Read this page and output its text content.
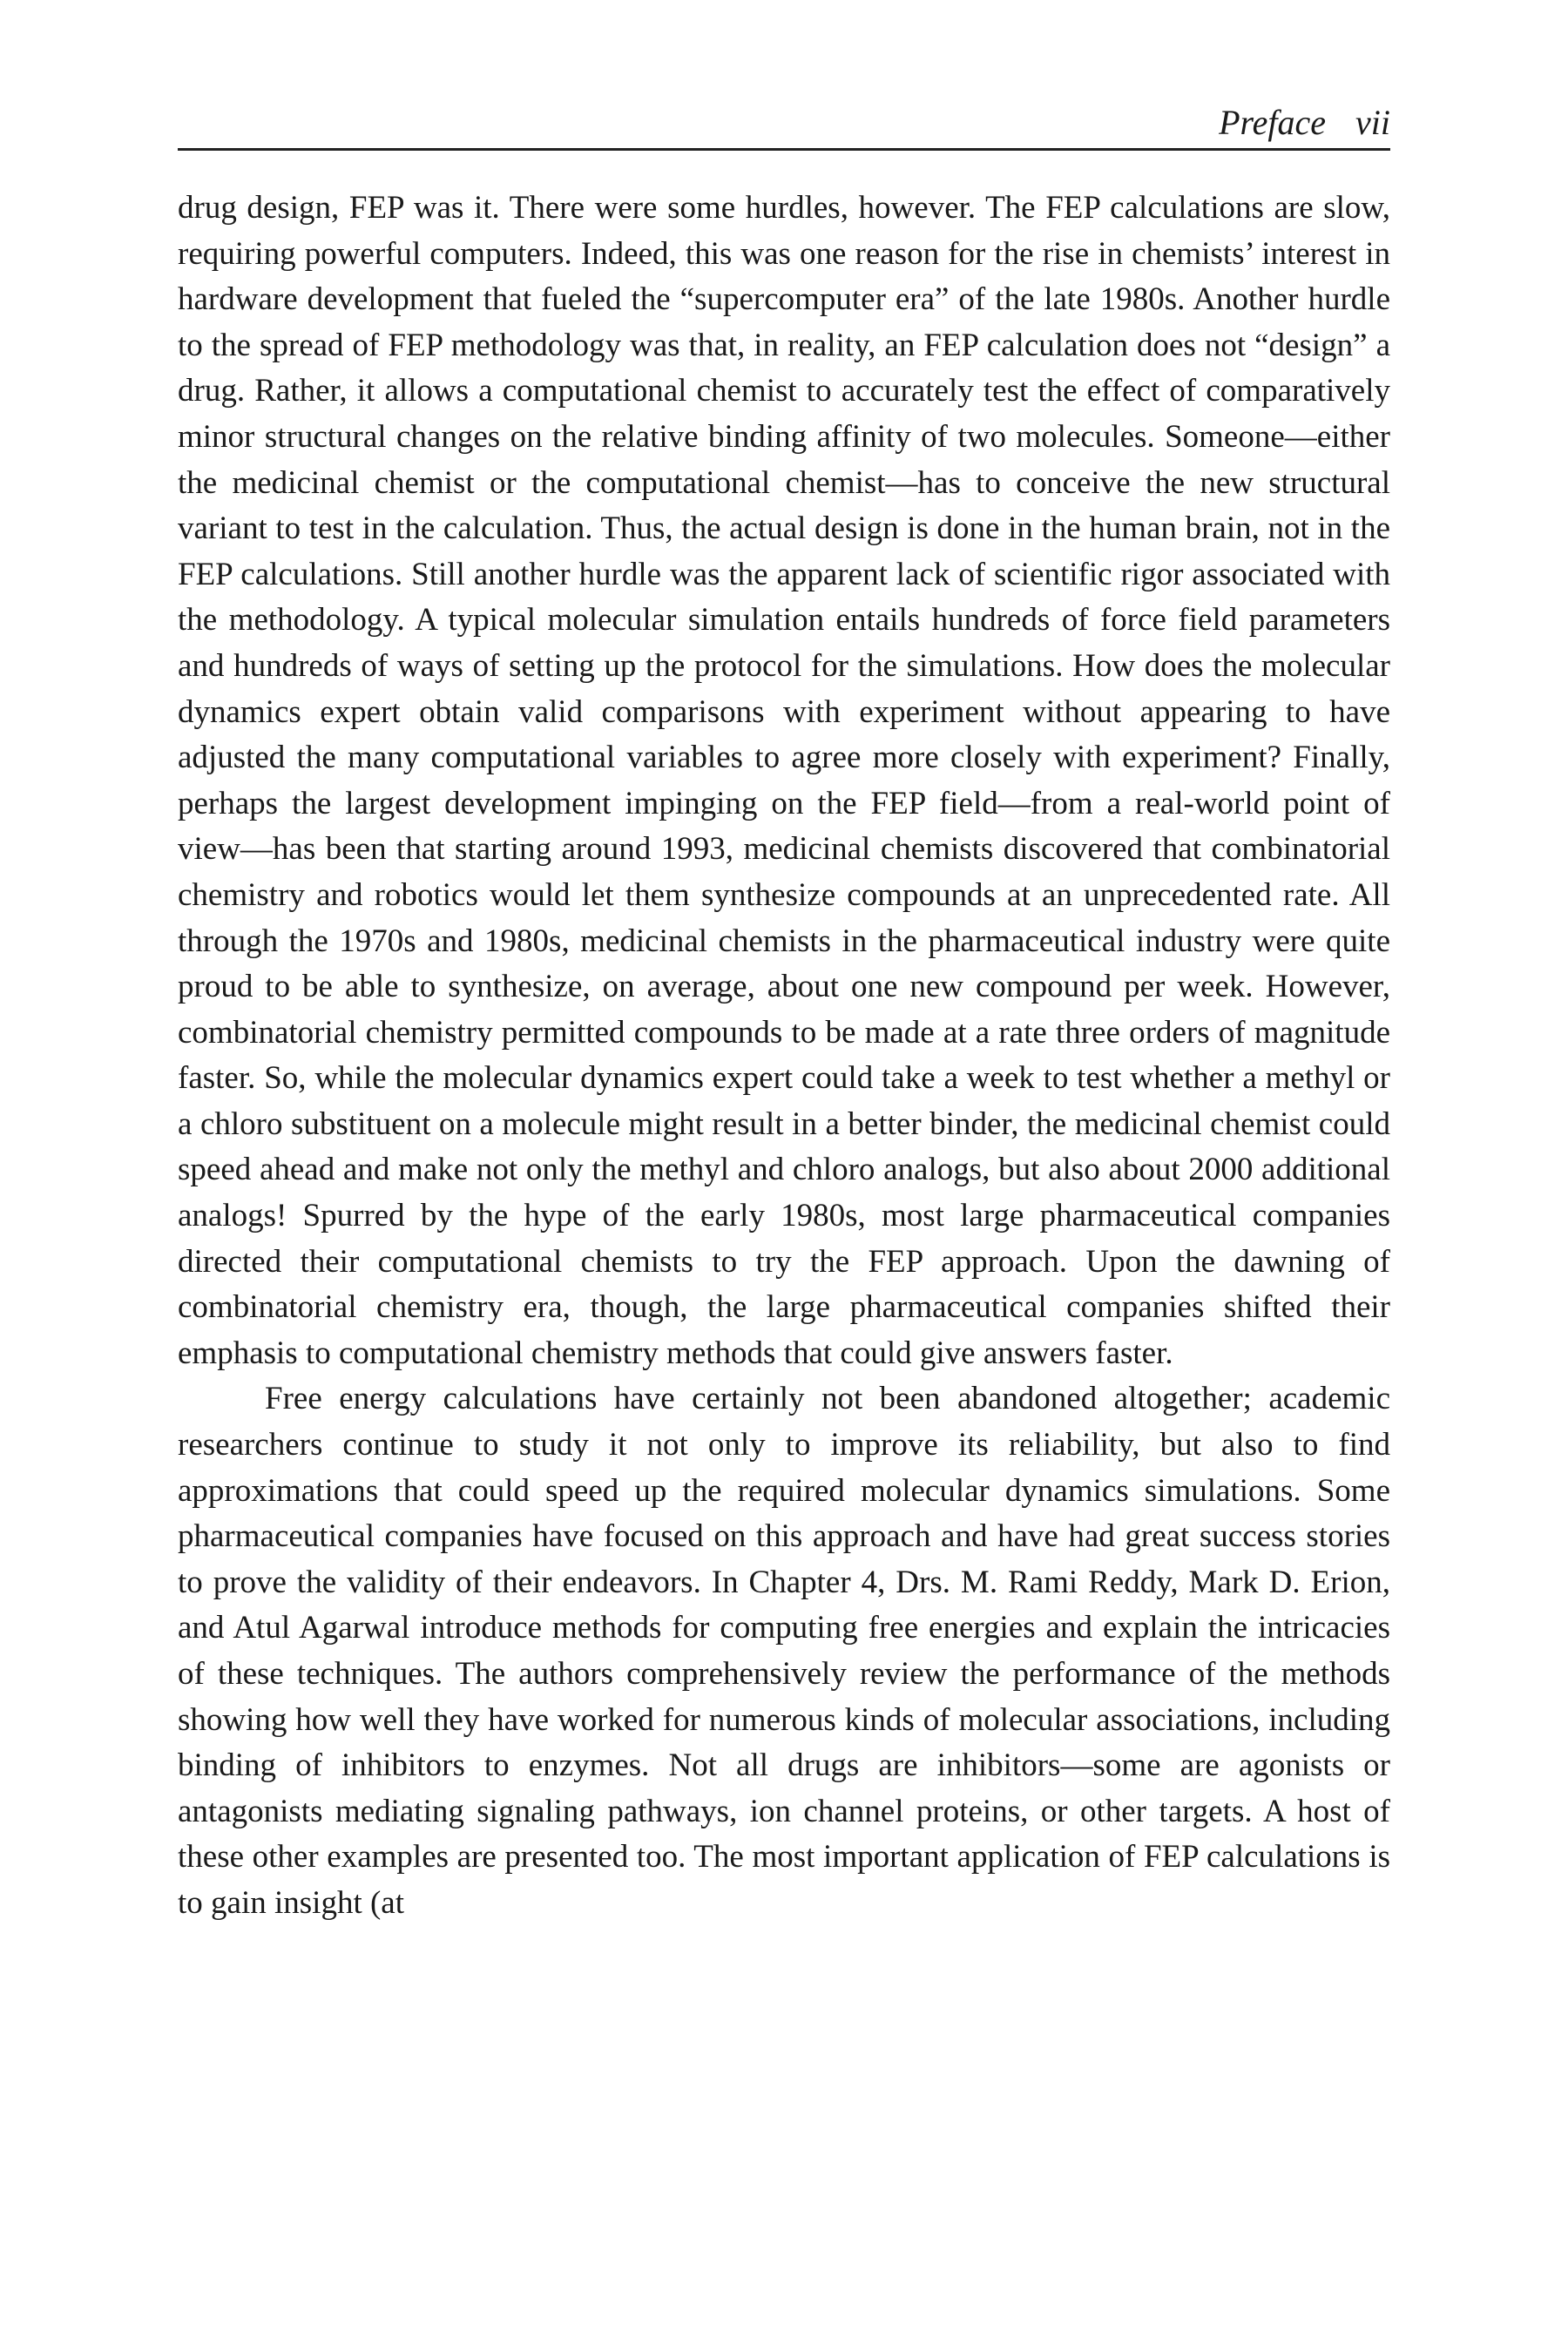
Preface vii

drug design, FEP was it. There were some hurdles, however. The FEP calculations are slow, requiring powerful computers. Indeed, this was one reason for the rise in chemists’ interest in hardware development that fueled the “supercomputer era” of the late 1980s. Another hurdle to the spread of FEP methodology was that, in reality, an FEP calculation does not “design” a drug. Rather, it allows a computational chemist to accurately test the effect of comparatively minor structural changes on the relative binding affinity of two molecules. Someone—either the medicinal chemist or the computational chemist—has to conceive the new structural variant to test in the calculation. Thus, the actual design is done in the human brain, not in the FEP calculations. Still another hurdle was the apparent lack of scientific rigor associated with the methodology. A typical molecular simulation entails hundreds of force field parameters and hundreds of ways of setting up the protocol for the simulations. How does the molecular dynamics expert obtain valid comparisons with experiment without appearing to have adjusted the many computational variables to agree more closely with experiment? Finally, perhaps the largest development impinging on the FEP field—from a real-world point of view—has been that starting around 1993, medicinal chemists discovered that combinatorial chemistry and robotics would let them synthesize compounds at an unprecedented rate. All through the 1970s and 1980s, medicinal chemists in the pharmaceutical industry were quite proud to be able to synthesize, on average, about one new compound per week. However, combinatorial chemistry permitted compounds to be made at a rate three orders of magnitude faster. So, while the molecular dynamics expert could take a week to test whether a methyl or a chloro substituent on a molecule might result in a better binder, the medicinal chemist could speed ahead and make not only the methyl and chloro analogs, but also about 2000 additional analogs! Spurred by the hype of the early 1980s, most large pharmaceutical companies directed their computational chemists to try the FEP approach. Upon the dawning of combinatorial chemistry era, though, the large pharmaceutical companies shifted their emphasis to computational chemistry methods that could give answers faster.

Free energy calculations have certainly not been abandoned altogether; academic researchers continue to study it not only to improve its reliability, but also to find approximations that could speed up the required molecular dynamics simulations. Some pharmaceutical companies have focused on this approach and have had great success stories to prove the validity of their endeavors. In Chapter 4, Drs. M. Rami Reddy, Mark D. Erion, and Atul Agarwal introduce methods for computing free energies and explain the intricacies of these techniques. The authors comprehensively review the performance of the methods showing how well they have worked for numerous kinds of molecular associations, including binding of inhibitors to enzymes. Not all drugs are inhibitors—some are agonists or antagonists mediating signaling pathways, ion channel proteins, or other targets. A host of these other examples are presented too. The most important application of FEP calculations is to gain insight (at
